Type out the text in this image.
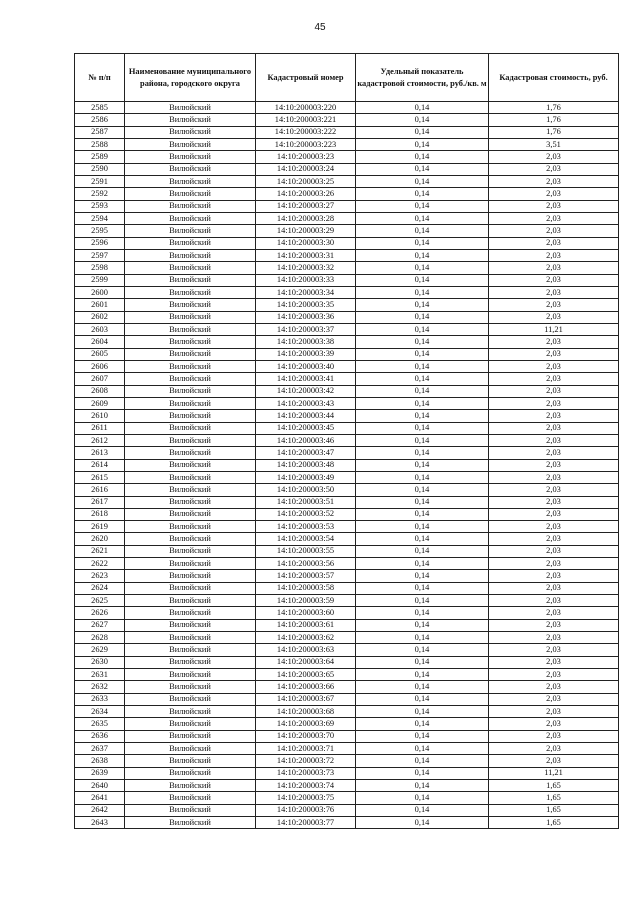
45
№ п/п	Наименование муниципального района, городского округа	Кадастровый номер	Удельный показатель кадастровой стоимости, руб./кв. м	Кадастровая стоимость, руб.
2585	Вилюйский	14:10:200003:220	0,14	1,76
2586	Вилюйский	14:10:200003:221	0,14	1,76
2587	Вилюйский	14:10:200003:222	0,14	1,76
2588	Вилюйский	14:10:200003:223	0,14	3,51
2589	Вилюйский	14:10:200003:23	0,14	2,03
2590	Вилюйский	14:10:200003:24	0,14	2,03
2591	Вилюйский	14:10:200003:25	0,14	2,03
2592	Вилюйский	14:10:200003:26	0,14	2,03
2593	Вилюйский	14:10:200003:27	0,14	2,03
2594	Вилюйский	14:10:200003:28	0,14	2,03
2595	Вилюйский	14:10:200003:29	0,14	2,03
2596	Вилюйский	14:10:200003:30	0,14	2,03
2597	Вилюйский	14:10:200003:31	0,14	2,03
2598	Вилюйский	14:10:200003:32	0,14	2,03
2599	Вилюйский	14:10:200003:33	0,14	2,03
2600	Вилюйский	14:10:200003:34	0,14	2,03
2601	Вилюйский	14:10:200003:35	0,14	2,03
2602	Вилюйский	14:10:200003:36	0,14	2,03
2603	Вилюйский	14:10:200003:37	0,14	11,21
2604	Вилюйский	14:10:200003:38	0,14	2,03
2605	Вилюйский	14:10:200003:39	0,14	2,03
2606	Вилюйский	14:10:200003:40	0,14	2,03
2607	Вилюйский	14:10:200003:41	0,14	2,03
2608	Вилюйский	14:10:200003:42	0,14	2,03
2609	Вилюйский	14:10:200003:43	0,14	2,03
2610	Вилюйский	14:10:200003:44	0,14	2,03
2611	Вилюйский	14:10:200003:45	0,14	2,03
2612	Вилюйский	14:10:200003:46	0,14	2,03
2613	Вилюйский	14:10:200003:47	0,14	2,03
2614	Вилюйский	14:10:200003:48	0,14	2,03
2615	Вилюйский	14:10:200003:49	0,14	2,03
2616	Вилюйский	14:10:200003:50	0,14	2,03
2617	Вилюйский	14:10:200003:51	0,14	2,03
2618	Вилюйский	14:10:200003:52	0,14	2,03
2619	Вилюйский	14:10:200003:53	0,14	2,03
2620	Вилюйский	14:10:200003:54	0,14	2,03
2621	Вилюйский	14:10:200003:55	0,14	2,03
2622	Вилюйский	14:10:200003:56	0,14	2,03
2623	Вилюйский	14:10:200003:57	0,14	2,03
2624	Вилюйский	14:10:200003:58	0,14	2,03
2625	Вилюйский	14:10:200003:59	0,14	2,03
2626	Вилюйский	14:10:200003:60	0,14	2,03
2627	Вилюйский	14:10:200003:61	0,14	2,03
2628	Вилюйский	14:10:200003:62	0,14	2,03
2629	Вилюйский	14:10:200003:63	0,14	2,03
2630	Вилюйский	14:10:200003:64	0,14	2,03
2631	Вилюйский	14:10:200003:65	0,14	2,03
2632	Вилюйский	14:10:200003:66	0,14	2,03
2633	Вилюйский	14:10:200003:67	0,14	2,03
2634	Вилюйский	14:10:200003:68	0,14	2,03
2635	Вилюйский	14:10:200003:69	0,14	2,03
2636	Вилюйский	14:10:200003:70	0,14	2,03
2637	Вилюйский	14:10:200003:71	0,14	2,03
2638	Вилюйский	14:10:200003:72	0,14	2,03
2639	Вилюйский	14:10:200003:73	0,14	11,21
2640	Вилюйский	14:10:200003:74	0,14	1,65
2641	Вилюйский	14:10:200003:75	0,14	1,65
2642	Вилюйский	14:10:200003:76	0,14	1,65
2643	Вилюйский	14:10:200003:77	0,14	1,65
